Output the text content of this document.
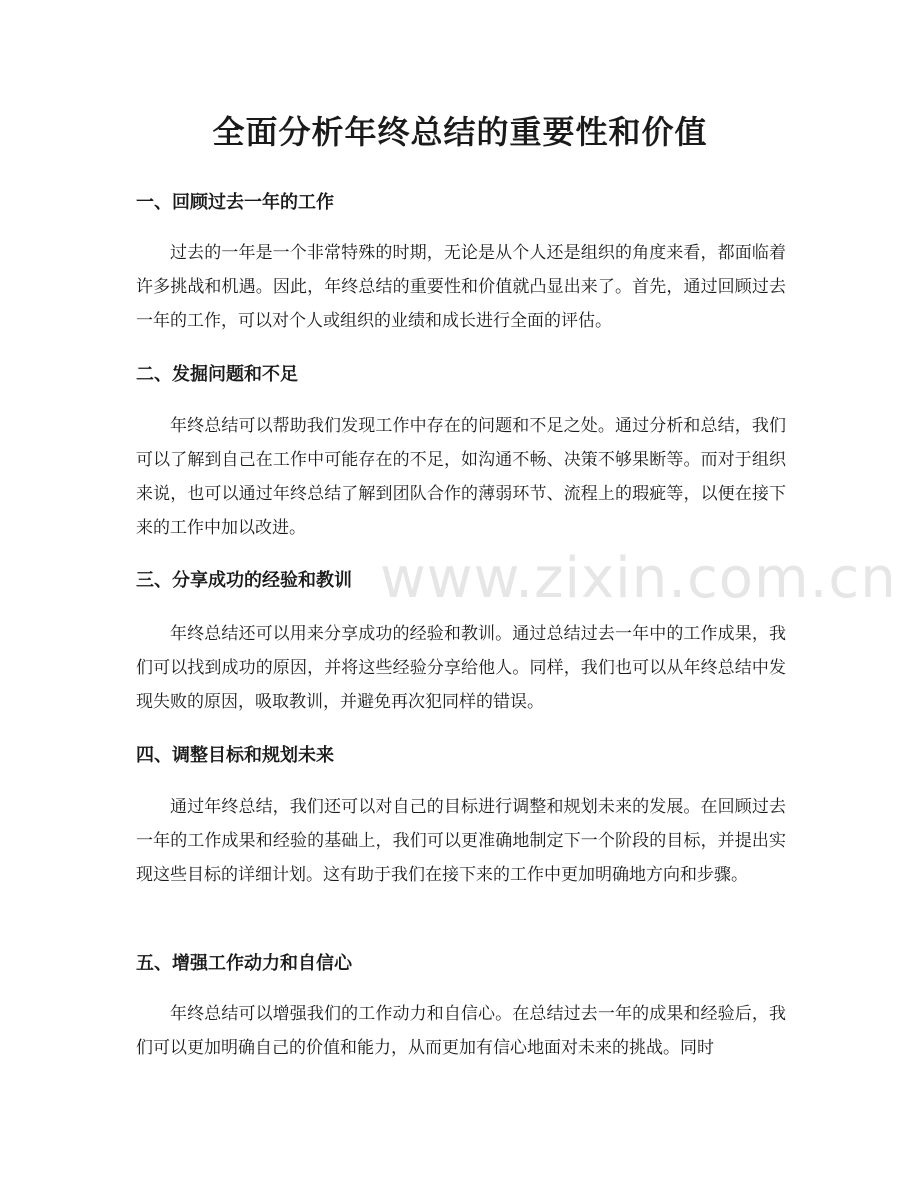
www.zixin.com.cn
全面分析年终总结的重要性和价值
一、回顾过去一年的工作

过去的一年是一个非常特殊的时期，无论是从个人还是组织的角度来看，都面临着许多挑战和机遇。因此，年终总结的重要性和价值就凸显出来了。首先，通过回顾过去一年的工作，可以对个人或组织的业绩和成长进行全面的评估。

二、发掘问题和不足

年终总结可以帮助我们发现工作中存在的问题和不足之处。通过分析和总结，我们可以了解到自己在工作中可能存在的不足，如沟通不畅、决策不够果断等。而对于组织来说，也可以通过年终总结了解到团队合作的薄弱环节、流程上的瑕疵等，以便在接下来的工作中加以改进。

三、分享成功的经验和教训

年终总结还可以用来分享成功的经验和教训。通过总结过去一年中的工作成果，我们可以找到成功的原因，并将这些经验分享给他人。同样，我们也可以从年终总结中发现失败的原因，吸取教训，并避免再次犯同样的错误。

四、调整目标和规划未来

通过年终总结，我们还可以对自己的目标进行调整和规划未来的发展。在回顾过去一年的工作成果和经验的基础上，我们可以更准确地制定下一个阶段的目标，并提出实现这些目标的详细计划。这有助于我们在接下来的工作中更加明确地方向和步骤。

五、增强工作动力和自信心

年终总结可以增强我们的工作动力和自信心。在总结过去一年的成果和经验后，我们可以更加明确自己的价值和能力，从而更加有信心地面对未来的挑战。同时
